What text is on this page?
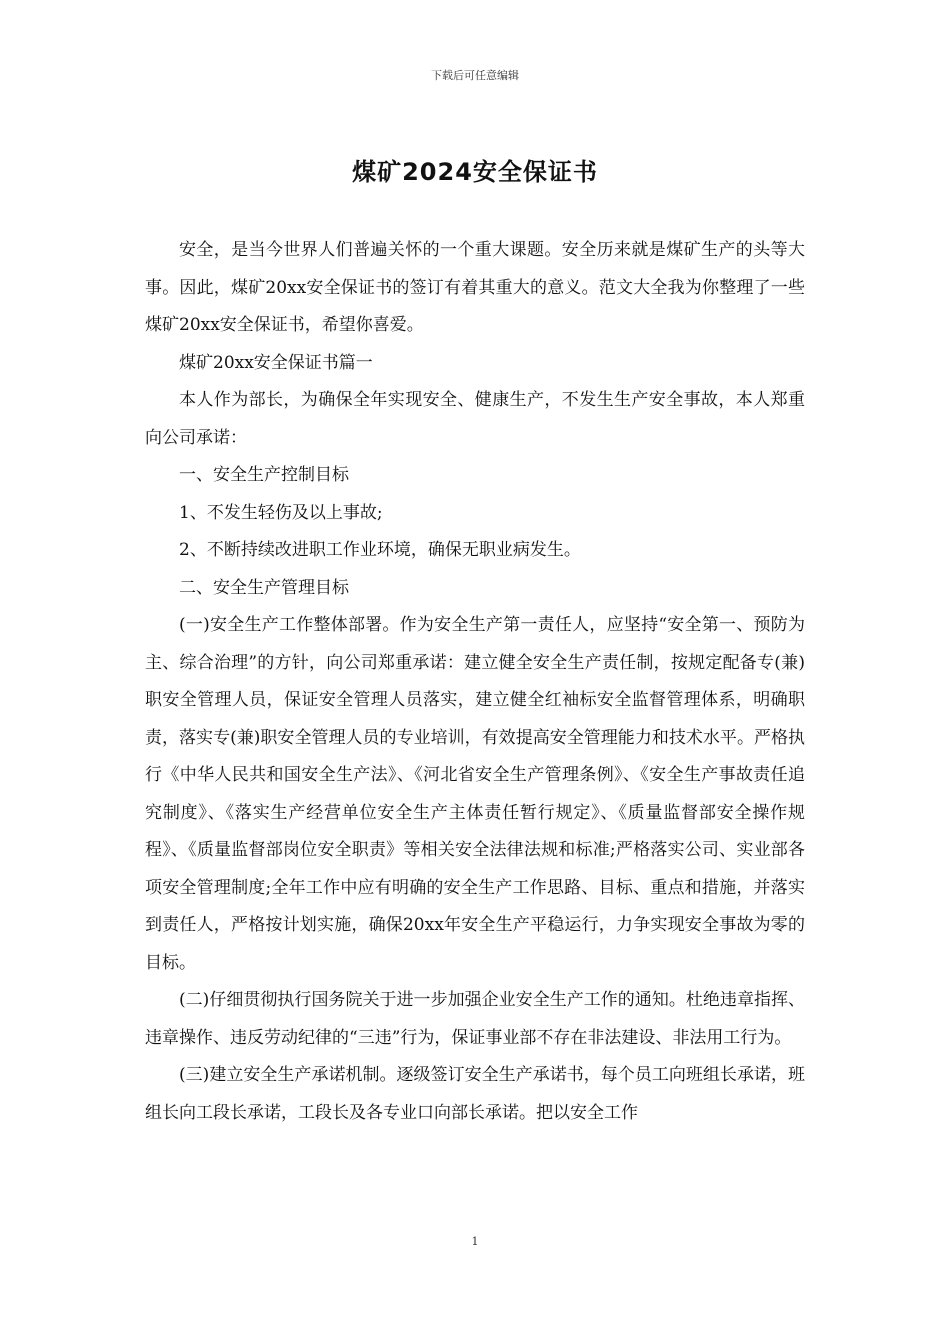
下载后可任意编辑
煤矿2024安全保证书

安全，是当今世界人们普遍关怀的一个重大课题。安全历来就是煤矿生产的头等大事。因此，煤矿20xx安全保证书的签订有着其重大的意义。范文大全我为你整理了一些煤矿20xx安全保证书，希望你喜爱。

煤矿20xx安全保证书篇一

本人作为部长，为确保全年实现安全、健康生产，不发生生产安全事故，本人郑重向公司承诺：

一、安全生产控制目标

1、不发生轻伤及以上事故;

2、不断持续改进职工作业环境，确保无职业病发生。

二、安全生产管理目标

(一)安全生产工作整体部署。作为安全生产第一责任人，应坚持“安全第一、预防为主、综合治理”的方针，向公司郑重承诺：建立健全安全生产责任制，按规定配备专(兼)职安全管理人员，保证安全管理人员落实，建立健全红袖标安全监督管理体系，明确职责，落实专(兼)职安全管理人员的专业培训，有效提高安全管理能力和技术水平。严格执行《中华人民共和国安全生产法》、《河北省安全生产管理条例》、《安全生产事故责任追究制度》、《落实生产经营单位安全生产主体责任暂行规定》、《质量监督部安全操作规程》、《质量监督部岗位安全职责》等相关安全法律法规和标准;严格落实公司、实业部各项安全管理制度;全年工作中应有明确的安全生产工作思路、目标、重点和措施，并落实到责任人，严格按计划实施，确保20xx年安全生产平稳运行，力争实现安全事故为零的目标。

(二)仔细贯彻执行国务院关于进一步加强企业安全生产工作的通知。杜绝违章指挥、违章操作、违反劳动纪律的“三违”行为，保证事业部不存在非法建设、非法用工行为。

(三)建立安全生产承诺机制。逐级签订安全生产承诺书，每个员工向班组长承诺，班组长向工段长承诺，工段长及各专业口向部长承诺。把以安全工作

1
